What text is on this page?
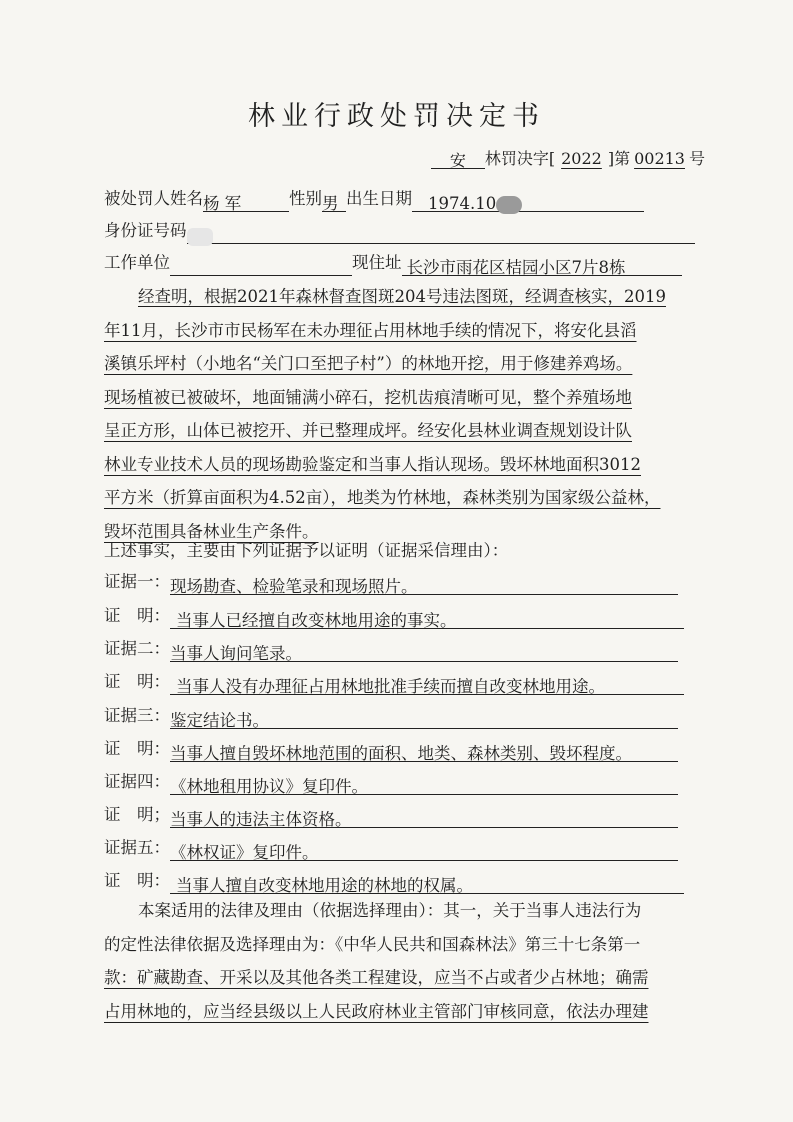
林业行政处罚决定书
安 林罚决字[ 2022 ]第 00213 号
被处罚人姓名杨 军	性别男 出生日期 1974.10
身份证号码
工作单位	现住址 长沙市雨花区桔园小区7片8栋
经查明，根据2021年森林督查图斑204号违法图斑，经调查核实，2019
年11月，长沙市市民杨军在未办理征占用林地手续的情况下，将安化县滔
溪镇乐坪村（小地名“关门口至把子村”）的林地开挖，用于修建养鸡场。
现场植被已被破坏，地面铺满小碎石，挖机齿痕清晰可见，整个养殖场地
呈正方形，山体已被挖开、并已整理成坪。经安化县林业调查规划设计队
林业专业技术人员的现场勘验鉴定和当事人指认现场。毁坏林地面积3012
平方米（折算亩面积为4.52亩），地类为竹林地，森林类别为国家级公益林，
毁坏范围具备林业生产条件。
上述事实，主要由下列证据予以证明（证据采信理由）：
证据一：现场勘查、检验笔录和现场照片。
证　明： 当事人已经擅自改变林地用途的事实。
证据二：当事人询问笔录。
证　明： 当事人没有办理征占用林地批准手续而擅自改变林地用途。
证据三：鉴定结论书。
证　明：当事人擅自毁坏林地范围的面积、地类、森林类别、毁坏程度。
证据四：《林地租用协议》复印件。
证　明；当事人的违法主体资格。
证据五：《林权证》复印件。
证　明： 当事人擅自改变林地用途的林地的权属。
本案适用的法律及理由（依据选择理由）：其一，关于当事人违法行为
的定性法律依据及选择理由为：《中华人民共和国森林法》第三十七条第一
款：矿藏勘查、开采以及其他各类工程建设，应当不占或者少占林地；确需
占用林地的，应当经县级以上人民政府林业主管部门审核同意，依法办理建
